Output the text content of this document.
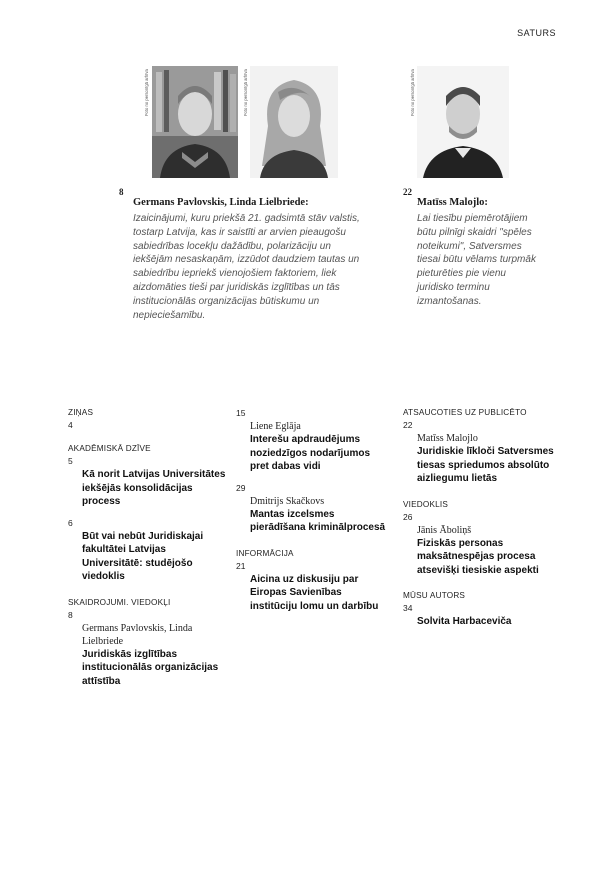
SATURS
Foto no personīgā arhīva	Foto no personīgā arhīva	Foto no personīgā arhīva
8
Germans Pavlovskis, Linda Lielbriede:
Izaicinājumi, kuru priekšā 21. gadsimtā stāv valstis, tostarp Latvija, kas ir saistīti ar arvien pieaugošu sabiedrības locekļu dažādību, polarizāciju un iekšējām nesaskaņām, izzūdot daudziem tautas un sabiedrību iepriekš vienojošiem faktoriem, liek aizdomāties tieši par juridiskās izglītības un tās institucionālās organizācijas būtiskumu un nepieciešamību.
22
Matīss Malojlo:
Lai tiesību piemērotājiem būtu pilnīgi skaidri "spēles noteikumi", Satversmes tiesai būtu vēlams turpmāk pieturēties pie vienu juridisko terminu izmantošanas.
ZIŅAS
4
AKADĒMISKĀ DZĪVE
5
Kā norit Latvijas Universitātes iekšējās konsolidācijas process
6
Būt vai nebūt Juridiskajai fakultātei Latvijas Universitātē: studējošo viedoklis
SKAIDROJUMI. VIEDOKĻI
8
Germans Pavlovskis, Linda Lielbriede
Juridiskās izglītības institucionālās organizācijas attīstība
15
Liene Eglāja
Interešu apdraudējums noziedzīgos nodarījumos pret dabas vidi
29
Dmitrijs Skačkovs
Mantas izcelsmes pierādīšana kriminālprocesā
INFORMĀCIJA
21
Aicina uz diskusiju par Eiropas Savienības institūciju lomu un darbību
ATSAUCOTIES UZ PUBLICĒTO
22
Matīss Malojlo
Juridiskie līkloči Satversmes tiesas spriedumos absolūto aizliegumu lietās
VIEDOKLIS
26
Jānis Āboliņš
Fiziskās personas maksātnespējas procesa atsevišķi tiesiskie aspekti
MŪSU AUTORS
34
Solvita Harbaceviča
